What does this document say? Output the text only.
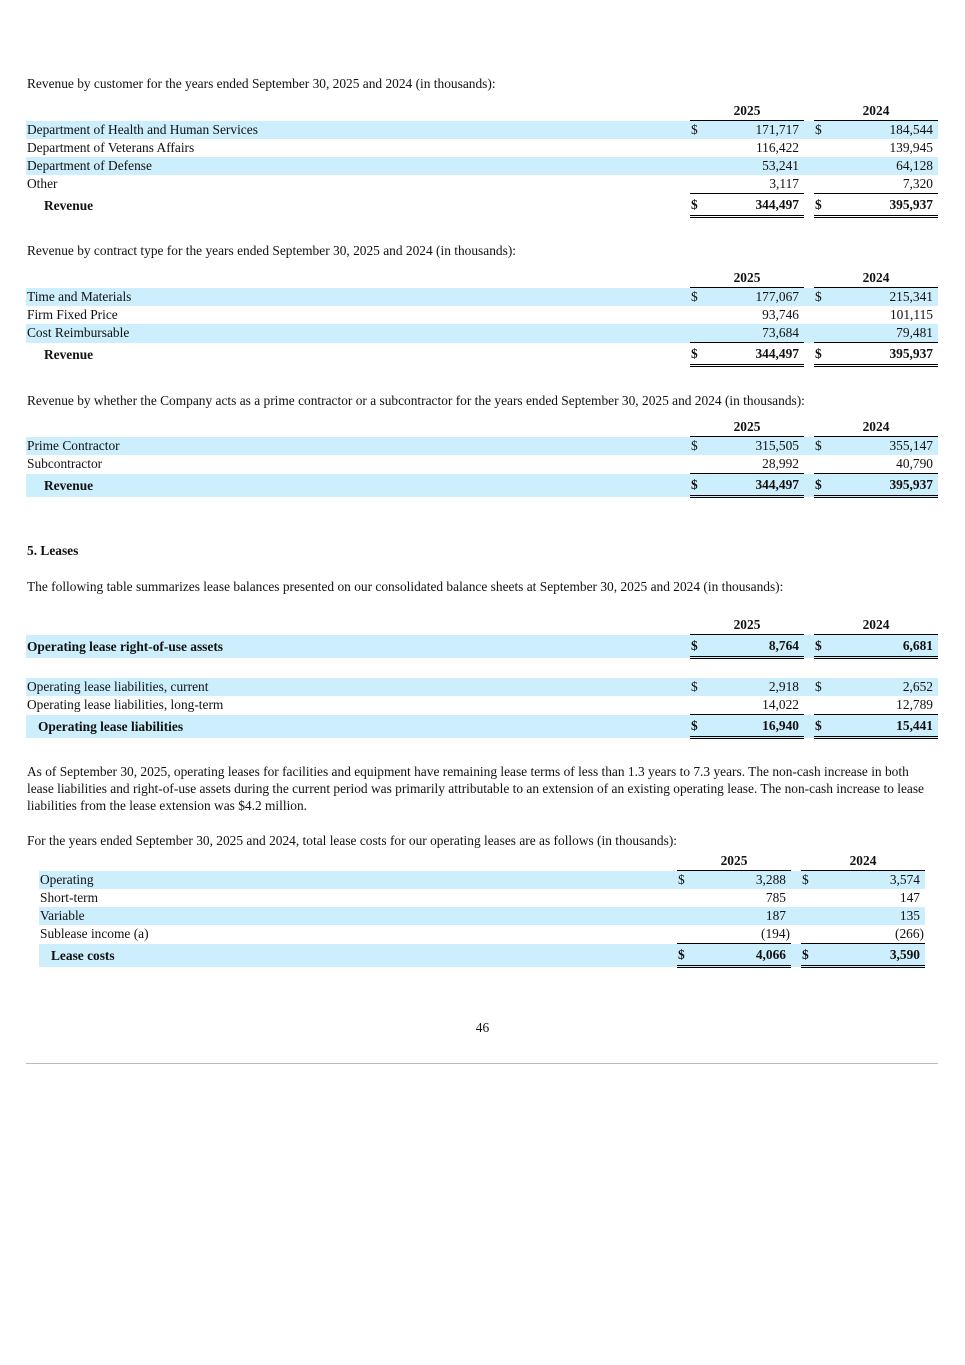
Revenue by customer for the years ended September 30, 2025 and 2024 (in thousands):

		2025		2024
Department of Health and Human Services		$ 171,717		$ 184,544
Department of Veterans Affairs		116,422		139,945
Department of Defense		53,241		64,128
Other		3,117		7,320
Revenue		$ 344,497		$ 395,937

Revenue by contract type for the years ended September 30, 2025 and 2024 (in thousands):

		2025		2024
Time and Materials		$ 177,067		$ 215,341
Firm Fixed Price		93,746		101,115
Cost Reimbursable		73,684		79,481
Revenue		$ 344,497		$ 395,937

Revenue by whether the Company acts as a prime contractor or a subcontractor for the years ended September 30, 2025 and 2024 (in thousands):

		2025		2024
Prime Contractor		$ 315,505		$ 355,147
Subcontractor		28,992		40,790
Revenue		$ 344,497		$ 395,937

5. Leases

The following table summarizes lease balances presented on our consolidated balance sheets at September 30, 2025 and 2024 (in thousands):

		2025		2024
Operating lease right-of-use assets		$ 8,764		$ 6,681

Operating lease liabilities, current		$ 2,918		$ 2,652
Operating lease liabilities, long-term		14,022		12,789
Operating lease liabilities		$ 16,940		$ 15,441

As of September 30, 2025, operating leases for facilities and equipment have remaining lease terms of less than 1.3 years to 7.3 years. The non-cash increase in both lease liabilities and right-of-use assets during the current period was primarily attributable to an extension of an existing operating lease. The non-cash increase to lease liabilities from the lease extension was $4.2 million.

For the years ended September 30, 2025 and 2024, total lease costs for our operating leases are as follows (in thousands):

		2025		2024
Operating		$ 3,288		$ 3,574
Short-term		785		147
Variable		187		135
Sublease income (a)		(194)		(266)
Lease costs		$ 4,066		$ 3,590
46
